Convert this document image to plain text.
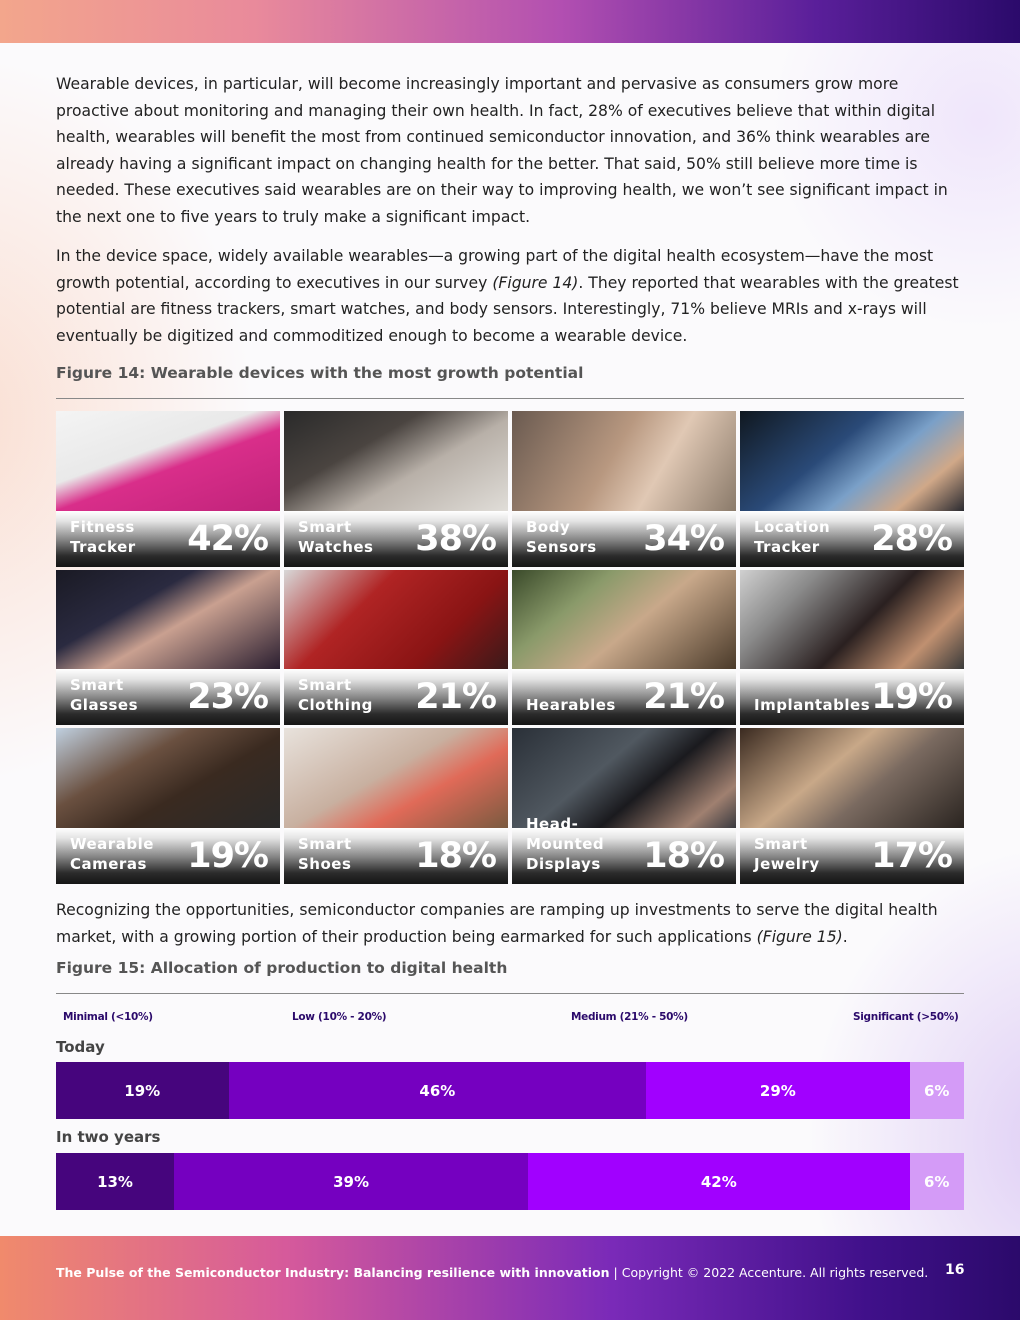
Wearable devices, in particular, will become increasingly important and pervasive as consumers grow more proactive about monitoring and managing their own health. In fact, 28% of executives believe that within digital health, wearables will benefit the most from continued semiconductor innovation, and 36% think wearables are already having a significant impact on changing health for the better. That said, 50% still believe more time is needed. These executives said wearables are on their way to improving health, we won’t see significant impact in the next one to five years to truly make a significant impact.

In the device space, widely available wearables—a growing part of the digital health ecosystem—have the most growth potential, according to executives in our survey (Figure 14). They reported that wearables with the greatest potential are fitness trackers, smart watches, and body sensors. Interestingly, 71% believe MRIs and x-rays will eventually be digitized and commoditized enough to become a wearable device.

Figure 14: Wearable devices with the most growth potential
Fitness
Tracker	42% Smart
Watches	38% Body
Sensors	34% Location
Tracker	28%
Smart
Glasses	23% Smart
Clothing	21% Hearables 21% Implantables 19%
Wearable
Cameras	19% Smart
Shoes	18%
Head-
Mounted
Displays	18% Smart
Jewelry	17%

Recognizing the opportunities, semiconductor companies are ramping up investments to serve the digital health market, with a growing portion of their production being earmarked for such applications (Figure 15).

Figure 15: Allocation of production to digital health
Minimal (<10%)	Low (10% - 20%)	Medium (21% - 50%)	Significant (>50%)
Today
19%	46%	29%	6%
In two years
13%	39%	42%	6%
The Pulse of the Semiconductor Industry: Balancing resilience with innovation | Copyright © 2022 Accenture. All rights reserved. 16
